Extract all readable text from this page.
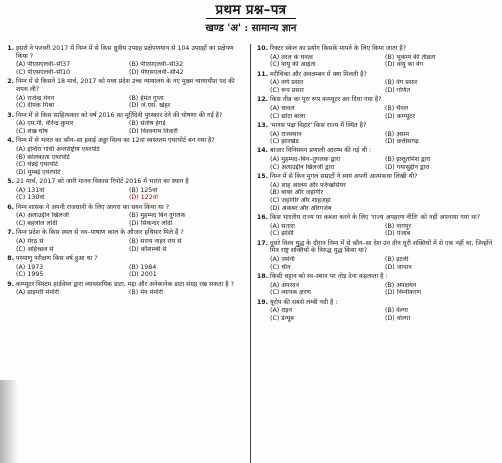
प्रथम प्रश्न–पत्र
खण्ड 'अ' : सामान्य ज्ञान
1. इसरो ने फरवरी 2017 में निम्न में से किस ध्रुवीय उपग्रह प्रक्षेपणयान से 104 उपग्रहों का प्रक्षेपण किया ?
(A) पीएसएलवी–सी37	(B) पीएसएलवी–सी32
(C) पीएसएलवी–सी10	(D) पीएसएलवी–सी42
2. निम्न में से किसने 18 मार्च, 2017 को मध्य प्रदेश उच्च न्यायालय के नए मुख्य न्यायाधीश पद की शपथ ली?
(A) राजेन्द्र मेनन	(B) हेमंत गुप्ता
(C) दीपक मिश्रा	(D) जे.एस. खेहर
3. निम्न में से किस साहित्यकार को वर्ष 2016 का मूर्तिदेवी पुरस्कार देने की घोषणा की गई है?
(A) एम.पी. वीरेन्द्र कुमार	(B) संतोष हेगड़े
(C) शंख घोष	(D) विश्वनाथ तिवारी
4. निम्न में से भारत का कौन–सा हवाई अड्डा विश्व का 12वां व्यस्ततम एयरपोर्ट बन गया है?
(A) इन्दिरा गांधी अन्तर्राष्ट्रीय एयरपोर्ट
(B) कोलकाता एयरपोर्ट
(C) चेन्नई एयरपोर्ट
(D) मुम्बई एयरपोर्ट
5. 21 मार्च, 2017 को जारी मानव विकास रिपोर्ट 2016 में भारत का स्थान है
(A) 131वां	(B) 125वां
(C) 130वां	(D) 122वां
6. निम्न शासक ने अपनी राजधानी के लिए आगरा का चयन किया था ?
(A) अलाउद्दीन खिलजी	(B) मुहम्मद बिन तुगलक
(C) बहलोल लोदी	(D) सिकन्दर लोदी
7. निम्न प्रदेश के किस स्थल से नव–पाषाण काल के औजार हथियार मिले हैं ?
(A) मेरठ से	(B) सराय नाहर राय से
(C) अहिच्छत्र से	(D) कौशाम्बी से
8. परमाणु परीक्षण किस वर्ष हुआ था ?
(A) 1973	(B) 1984
(C) 1995	(D) 2001
9. कम्प्यूटर सिस्टम हार्डवेयर द्वारा व्यावसायिक डाटा, मद्दा और अनेकानेक डाटा संग्रह रख सकता है ?
(A) प्राइमरी मेमोरी	(B) मेन मेमोरी
10. रिक्टर स्केल का प्रयोग किसके मापने के लिए किया जाता है?
(A) तरल के घनत्व	(B) भूकम्प की तीव्रता
(C) वायु की आर्द्रता	(D) वायु का वेग
11. मरीचिका और अवलम्बन में क्या मिलती है?
(A) वर्ण प्रसार	(B) वेग प्रसार
(C) रूप प्रसार	(D) गणित
12. किस तीव्र का पूरा रूप कम्प्यूटर कर दिया गया है?
(A) चावल	(B) चैनल
(C) छोटा बाला	(D) कम्प्यूटर
13. 'मानस पढ़ा विहार' किस राज्य में स्थित है?
(A) राजस्थान	(B) असम
(C) झारखंड	(D) छत्तीसगढ़
14. बाजार विनियमन प्रणाली आरम्भ की गई थी :
(A) मुहम्मद–बिन–तुगलक द्वारा	(B) इल्तुतमिश द्वारा
(C) अलाउद्दीन खिलजी द्वारा	(D) गयासुद्दीन द्वारा
15. निम्न में से किन मुगल सम्राटों ने स्वयं अपनी आत्मकथा लिखी थी?
(A) शाह आलम और फर्रुखसियर
(B) बाबर और जहांगीर
(C) जहांगीर और शाहजहां
(D) अकबर और औरंगजेब
16. किस भारतीय राज्य पर कब्जा करने के लिए 'राज्य अपहरण नीति' को नहीं अपनाया गया था?
(A) सतारा	(B) नागपुर
(C) झांसी	(D) पंजाब
17. दूसरे विश्व युद्ध के दौरान निम्न में से कौन–सा देश उन तीन धुरी शक्तियों में से एक नहीं था, जिन्होंने मित्र राष्ट्र शक्तियों के विरुद्ध युद्ध किया था?
(A) जर्मनी	(B) इटली
(C) चीन	(D) जापान
18. किसी चट्टान को स्व–स्थान पर तोड़ देना कहलाता है :
(A) अपरदन	(B) अपक्षयन
(C) व्यापक क्षरण	(D) निम्नीकरण
19. यूरोप की सबसे लम्बी नदी है :
(A) राइन	(B) वेल्गा
(C) डेन्यूब	(D) वोल्गा
